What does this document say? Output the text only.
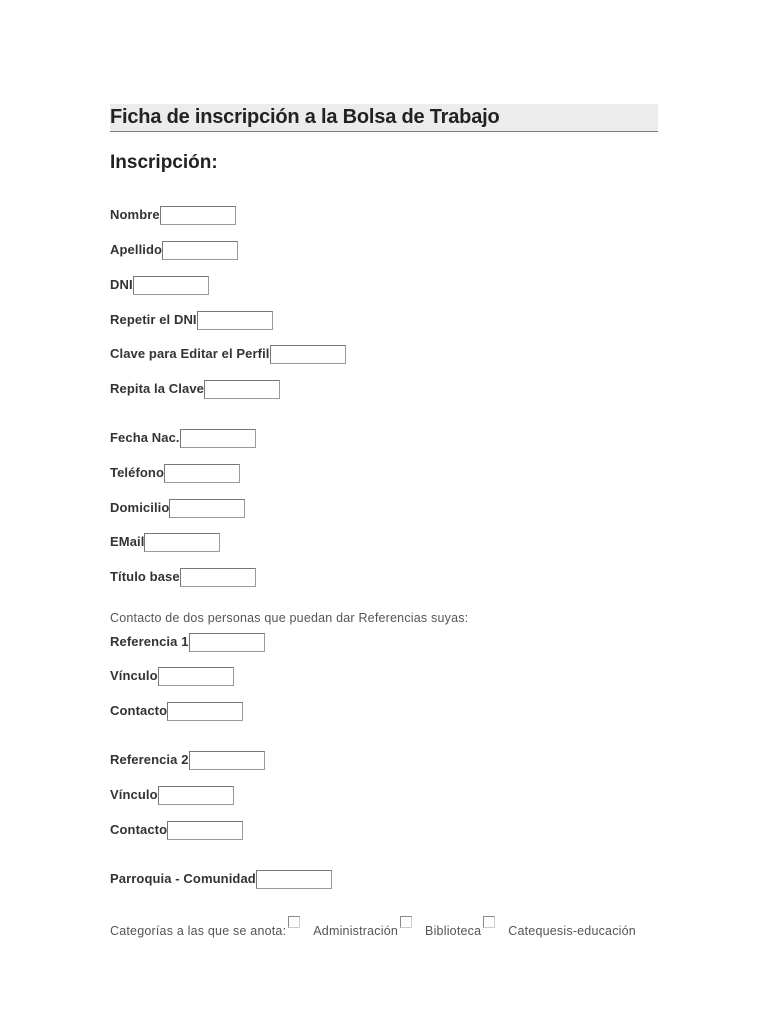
Ficha de inscripción a la Bolsa de Trabajo
Inscripción:
Nombre
Apellido
DNI
Repetir el DNI
Clave para Editar el Perfil
Repita la Clave
Fecha Nac.
Teléfono
Domicilio
EMail
Título base
Contacto de dos personas que puedan dar Referencias suyas:
Referencia 1
Vínculo
Contacto
Referencia 2
Vínculo
Contacto
Parroquia - Comunidad
Categorías a las que se anota: Administración Biblioteca Catequesis-educación
